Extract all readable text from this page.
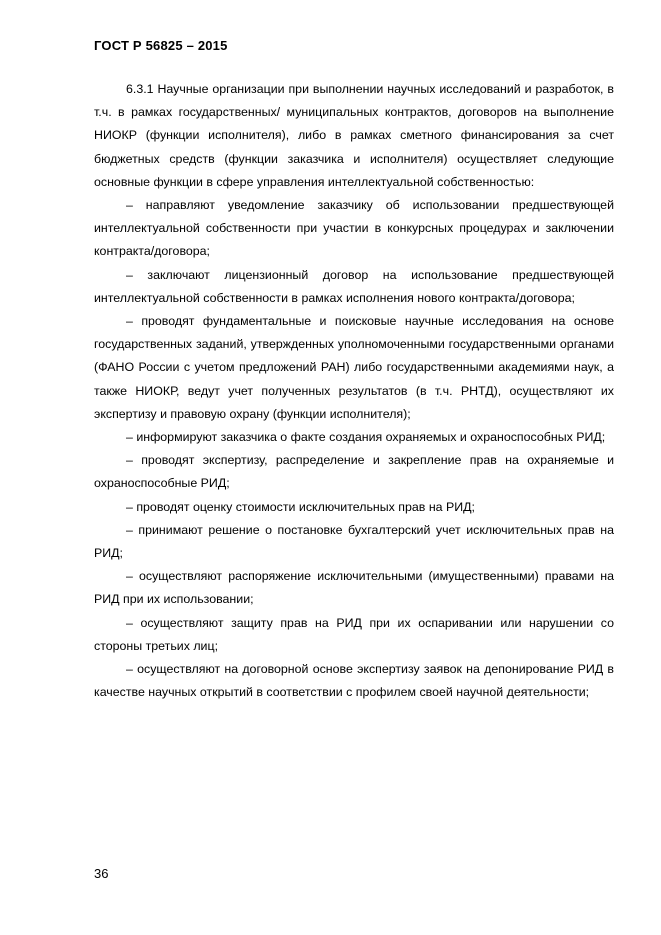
ГОСТ Р 56825 – 2015

6.3.1 Научные организации при выполнении научных исследований и разработок, в т.ч. в рамках государственных/ муниципальных контрактов, договоров на выполнение НИОКР (функции исполнителя), либо в рамках сметного финансирования за счет бюджетных средств (функции заказчика и исполнителя) осуществляет следующие основные функции в сфере управления интеллектуальной собственностью:

– направляют уведомление заказчику об использовании предшествующей интеллектуальной собственности при участии в конкурсных процедурах и заключении контракта/договора;

– заключают лицензионный договор на использование предшествующей интеллектуальной собственности в рамках исполнения нового контракта/договора;

– проводят фундаментальные и поисковые научные исследования на основе государственных заданий, утвержденных уполномоченными государственными органами (ФАНО России с учетом предложений РАН) либо государственными академиями наук, а также НИОКР, ведут учет полученных результатов (в т.ч. РНТД), осуществляют их экспертизу и правовую охрану (функции исполнителя);

– информируют заказчика о факте создания охраняемых и охраноспособных РИД;

– проводят экспертизу, распределение и закрепление прав на охраняемые и охраноспособные РИД;

– проводят оценку стоимости исключительных прав на РИД;

– принимают решение о постановке бухгалтерский учет исключительных прав на РИД;

– осуществляют распоряжение исключительными (имущественными) правами на РИД при их использовании;

– осуществляют защиту прав на РИД при их оспаривании или нарушении со стороны третьих лиц;

– осуществляют на договорной основе экспертизу заявок на депонирование РИД в качестве научных открытий в соответствии с профилем своей научной деятельности;

36
